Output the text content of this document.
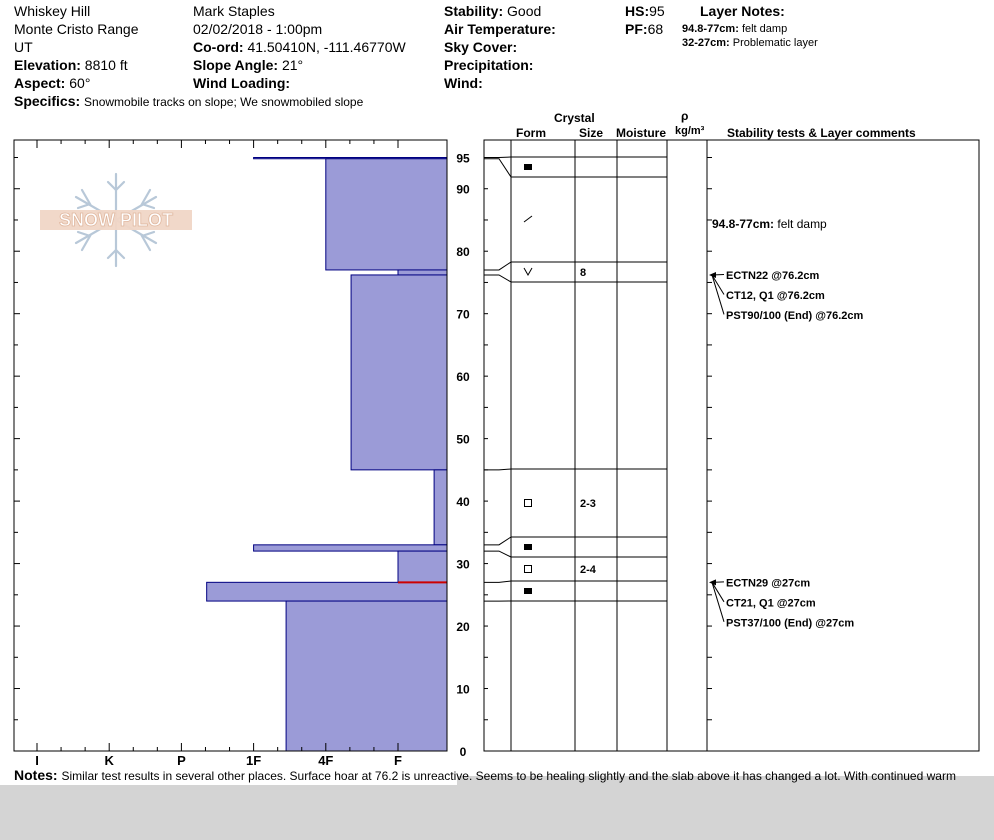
Whiskey Hill
Monte Cristo Range
UT
Elevation: 8810 ft
Aspect: 60°
Specifics: Snowmobile tracks on slope; We snowmobiled slope
Mark Staples
02/02/2018 - 1:00pm
Co-ord: 41.50410N, -111.46770W
Slope Angle: 21°
Wind Loading:
Stability: Good
Air Temperature:
Sky Cover:
Precipitation:
Wind:
HS:95
PF:68
Layer Notes:
94.8-77cm: felt damp
32-27cm: Problematic layer
Crystal
Form	Size Moisture
ρ
kg/m³ Stability tests & Layer comments
I	K	P	1F	4F	F
0
10
20
30
40
50
60
70
80
90
95
8
2-3
2-4
94.8-77cm: felt damp
ECTN22 @76.2cm
CT12, Q1 @76.2cm
PST90/100 (End) @76.2cm
ECTN29 @27cm
CT21, Q1 @27cm
PST37/100 (End) @27cm
SNOW PILOT
Notes: Similar test results in several other places. Surface hoar at 76.2 is unreactive. Seems to be healing slightly and the slab above it has changed a lot. With continued warm
